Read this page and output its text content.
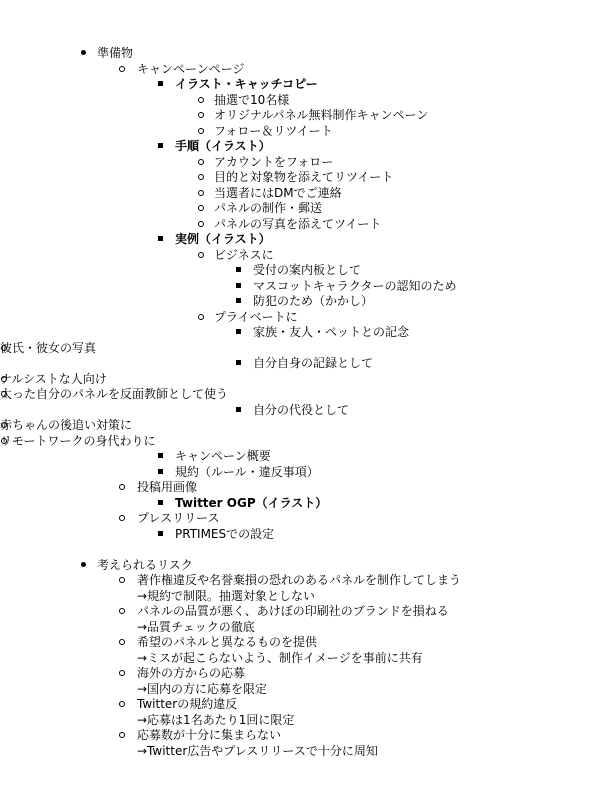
準備物
キャンペーンページ
イラスト・キャッチコピー
抽選で10名様
オリジナルパネル無料制作キャンペーン
フォロー＆リツイート
手順（イラスト）
アカウントをフォロー
目的と対象物を添えてリツイート
当選者にはDMでご連絡
パネルの制作・郵送
パネルの写真を添えてツイート
実例（イラスト）
ビジネスに
受付の案内板として
マスコットキャラクターの認知のため
防犯のため（かかし）
プライベートに
家族・友人・ペットとの記念
彼氏・彼女の写真
自分自身の記録として
ナルシストな人向け
太った自分のパネルを反面教師として使う
自分の代役として
赤ちゃんの後追い対策に
リモートワークの身代わりに
キャンペーン概要
規約（ルール・違反事項）
投稿用画像
Twitter OGP（イラスト）
プレスリリース
PRTIMESでの設定
考えられるリスク
著作権違反や名誉棄損の恐れのあるパネルを制作してしまう
→規約で制限。抽選対象としない
パネルの品質が悪く、あけぼの印刷社のブランドを損ねる
→品質チェックの徹底
希望のパネルと異なるものを提供
→ミスが起こらないよう、制作イメージを事前に共有
海外の方からの応募
→国内の方に応募を限定
Twitterの規約違反
→応募は1名あたり1回に限定
応募数が十分に集まらない
→Twitter広告やプレスリリースで十分に周知
